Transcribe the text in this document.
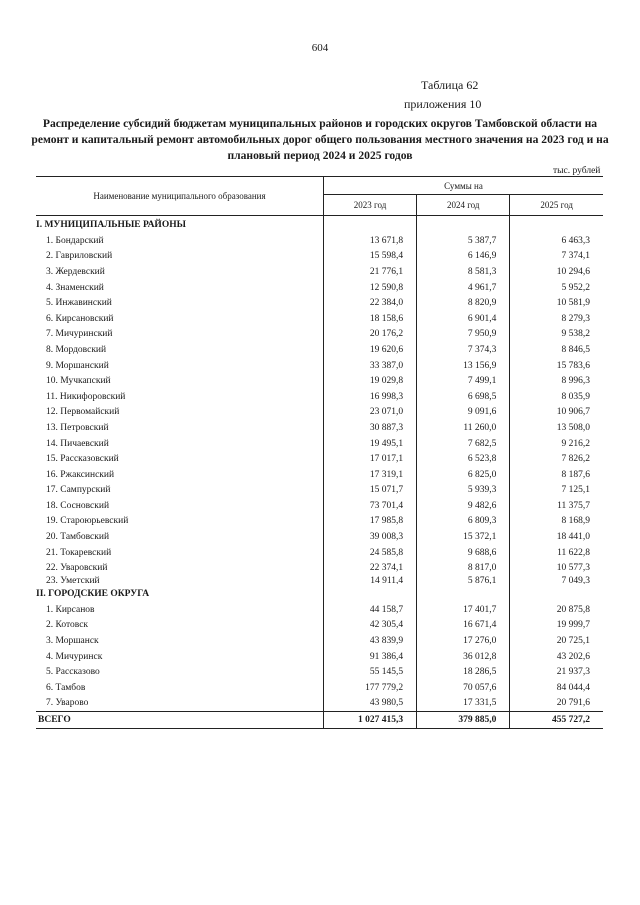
604
Таблица 62
приложения 10
Распределение субсидий бюджетам муниципальных районов и городских округов Тамбовской области на ремонт и капитальный ремонт автомобильных дорог общего пользования местного значения на 2023 год и на плановый период 2024 и 2025 годов
тыс. рублей
Наименование муниципального образования	Суммы на		
	2023 год	2024 год	2025 год
I. МУНИЦИПАЛЬНЫЕ РАЙОНЫ			
1. Бондарский	13 671,8	5 387,7	6 463,3
2. Гавриловский	15 598,4	6 146,9	7 374,1
3. Жердевский	21 776,1	8 581,3	10 294,6
4. Знаменский	12 590,8	4 961,7	5 952,2
5. Инжавинский	22 384,0	8 820,9	10 581,9
6. Кирсановский	18 158,6	6 901,4	8 279,3
7. Мичуринский	20 176,2	7 950,9	9 538,2
8. Мордовский	19 620,6	7 374,3	8 846,5
9. Моршанский	33 387,0	13 156,9	15 783,6
10. Мучкапский	19 029,8	7 499,1	8 996,3
11. Никифоровский	16 998,3	6 698,5	8 035,9
12. Первомайский	23 071,0	9 091,6	10 906,7
13. Петровский	30 887,3	11 260,0	13 508,0
14. Пичаевский	19 495,1	7 682,5	9 216,2
15. Рассказовский	17 017,1	6 523,8	7 826,2
16. Ржаксинский	17 319,1	6 825,0	8 187,6
17. Сампурский	15 071,7	5 939,3	7 125,1
18. Сосновский	73 701,4	9 482,6	11 375,7
19. Староюрьевский	17 985,8	6 809,3	8 168,9
20. Тамбовский	39 008,3	15 372,1	18 441,0
21. Токаревский	24 585,8	9 688,6	11 622,8
22. Уваровский	22 374,1	8 817,0	10 577,3

23. Уметский	14 911,4	5 876,1	7 049,3

II. ГОРОДСКИЕ ОКРУГА			
1. Кирсанов	44 158,7	17 401,7	20 875,8
2. Котовск	42 305,4	16 671,4	19 999,7
3. Моршанск	43 839,9	17 276,0	20 725,1
4. Мичуринск	91 386,4	36 012,8	43 202,6
5. Рассказово	55 145,5	18 286,5	21 937,3
6. Тамбов	177 779,2	70 057,6	84 044,4
7. Уварово	43 980,5	17 331,5	20 791,6
ВСЕГО	1 027 415,3	379 885,0	455 727,2
